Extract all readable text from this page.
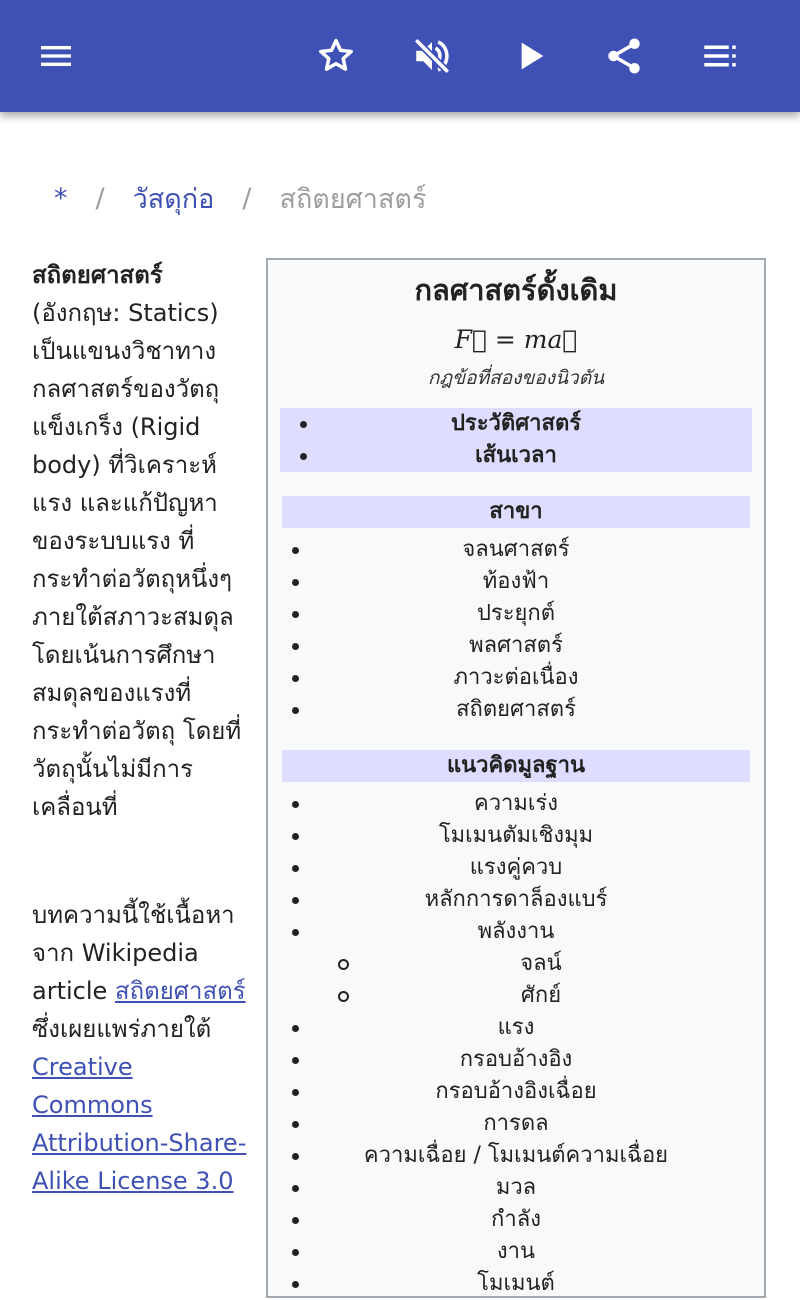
* / วัสดุก่อ / สถิตยศาสตร์
สถิตยศาสตร์ (อังกฤษ: Statics) เป็นแขนงวิชาทางกลศาสตร์ของวัตถุแข็งเกร็ง (Rigid body) ที่วิเคราะห์แรง และแก้ปัญหาของระบบแรง ที่กระทำต่อวัตถุหนึ่งๆ ภายใต้สภาวะสมดุล โดยเน้นการศึกษาสมดุลของแรงที่กระทำต่อวัตถุ โดยที่วัตถุนั้นไม่มีการเคลื่อนที่
บทความนี้ใช้เนื้อหาจาก Wikipedia article สถิตยศาสตร์ ซึ่งเผยแพร่ภายใต้ Creative Commons Attribution-Share-Alike License 3.0
กลศาสตร์ดั้งเดิม
F⃗ = ma⃗
กฎข้อที่สองของนิวตัน
ประวัติศาสตร์
เส้นเวลา
สาขา
จลนศาสตร์
ท้องฟ้า
ประยุกต์
พลศาสตร์
ภาวะต่อเนื่อง
สถิตยศาสตร์
แนวคิดมูลฐาน
ความเร่ง
โมเมนตัมเชิงมุม
แรงคู่ควบ
หลักการดาล็องแบร์
พลังงาน
จลน์
ศักย์
แรง
กรอบอ้างอิง
กรอบอ้างอิงเฉื่อย
การดล
ความเฉื่อย / โมเมนต์ความเฉื่อย
มวล
กำลัง
งาน
โมเมนต์
